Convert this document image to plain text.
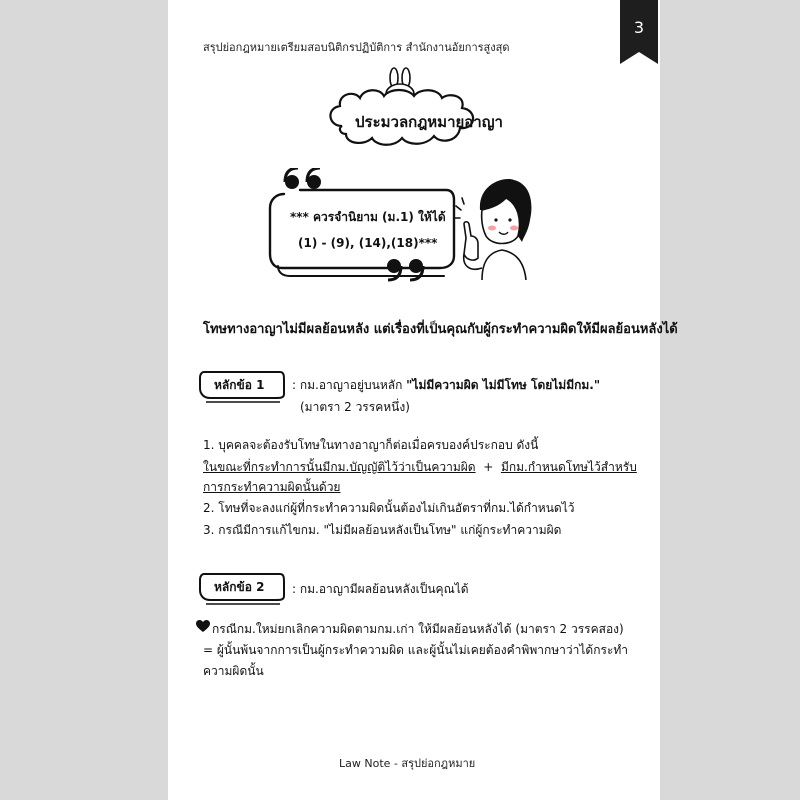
สรุปย่อกฎหมายเตรียมสอบนิติกรปฏิบัติการ สำนักงานอัยการสูงสุด
3
ประมวลกฎหมายอาญา
*** ควรจำนิยาม (ม.1) ให้ได้
(1) - (9), (14),(18)***
โทษทางอาญาไม่มีผลย้อนหลัง แต่เรื่องที่เป็นคุณกับผู้กระทำความผิดให้มีผลย้อนหลังได้
หลักข้อ 1 : กม.อาญาอยู่บนหลัก "ไม่มีความผิด ไม่มีโทษ โดยไม่มีกม."
(มาตรา 2 วรรคหนึ่ง)
1. บุคคลจะต้องรับโทษในทางอาญาก็ต่อเมื่อครบองค์ประกอบ ดังนี้
ในขณะที่กระทำการนั้นมีกม.บัญญัติไว้ว่าเป็นความผิด + มีกม.กำหนดโทษไว้สำหรับ
การกระทำความผิดนั้นด้วย
2. โทษที่จะลงแก่ผู้ที่กระทำความผิดนั้นต้องไม่เกินอัตราที่กม.ได้กำหนดไว้
3. กรณีมีการแก้ไขกม. "ไม่มีผลย้อนหลังเป็นโทษ" แก่ผู้กระทำความผิด
หลักข้อ 2 : กม.อาญามีผลย้อนหลังเป็นคุณได้
กรณีกม.ใหม่ยกเลิกความผิดตามกม.เก่า ให้มีผลย้อนหลังได้ (มาตรา 2 วรรคสอง)
= ผู้นั้นพ้นจากการเป็นผู้กระทำความผิด และผู้นั้นไม่เคยต้องคำพิพากษาว่าได้กระทำ
ความผิดนั้น
Law Note - สรุปย่อกฎหมาย
